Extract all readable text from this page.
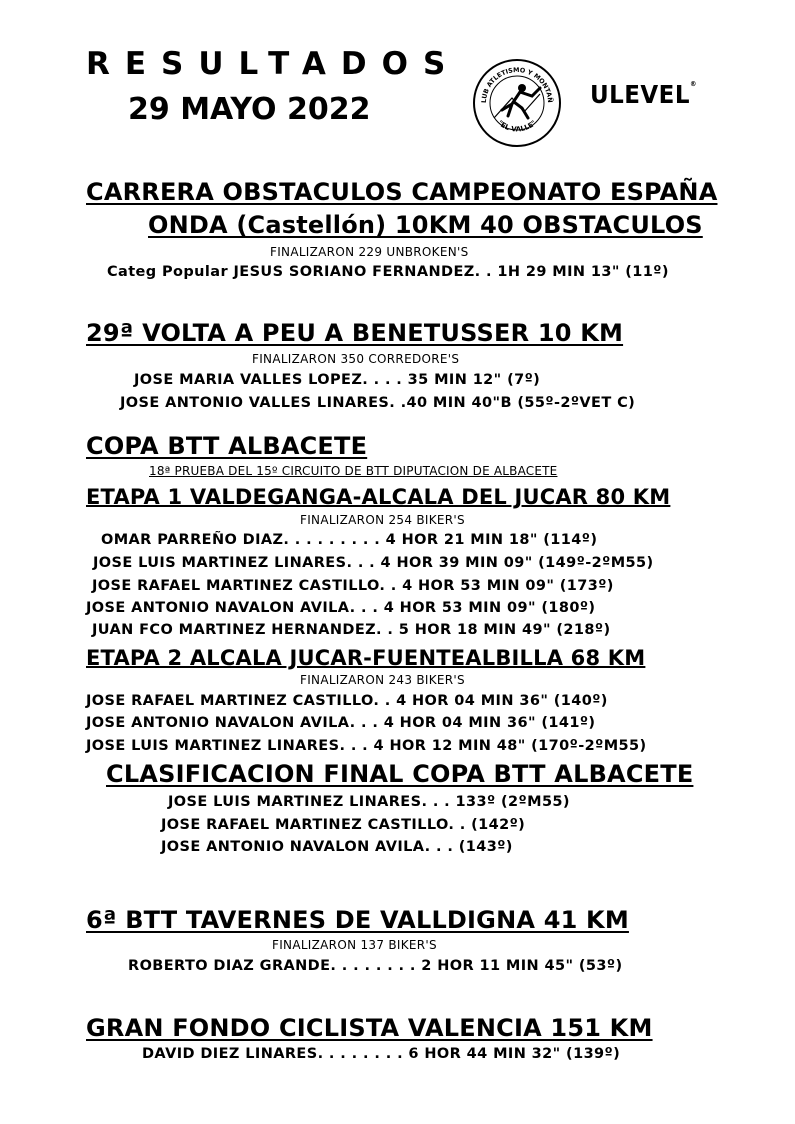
RESULTADOS
29 MAYO 2022	LUB ATLETISMO Y MONTAÑ
"EL VALLE"
ULEVEL®
CARRERA OBSTACULOS CAMPEONATO ESPAÑA
ONDA (Castellón) 10KM 40 OBSTACULOS
FINALIZARON 229 UNBROKEN'S
Categ Popular JESUS SORIANO FERNANDEZ. . 1H 29 MIN 13" (11º)
29ª VOLTA A PEU A BENETUSSER 10 KM
FINALIZARON 350 CORREDORE'S
JOSE MARIA VALLES LOPEZ. . . . 35 MIN 12" (7º)
JOSE ANTONIO VALLES LINARES. .40 MIN 40"B (55º-2ºVET C)
COPA BTT ALBACETE
18ª PRUEBA DEL 15º CIRCUITO DE BTT DIPUTACION DE ALBACETE
ETAPA 1 VALDEGANGA-ALCALA DEL JUCAR 80 KM
FINALIZARON 254 BIKER'S
OMAR PARREÑO DIAZ. . . . . . . . . 4 HOR 21 MIN 18" (114º)
JOSE LUIS MARTINEZ LINARES. . . 4 HOR 39 MIN 09" (149º-2ºM55)
JOSE RAFAEL MARTINEZ CASTILLO. . 4 HOR 53 MIN 09" (173º)
JOSE ANTONIO NAVALON AVILA. . . 4 HOR 53 MIN 09" (180º)
JUAN FCO MARTINEZ HERNANDEZ. . 5 HOR 18 MIN 49" (218º)
ETAPA 2 ALCALA JUCAR-FUENTEALBILLA 68 KM
FINALIZARON 243 BIKER'S
JOSE RAFAEL MARTINEZ CASTILLO. . 4 HOR 04 MIN 36" (140º)
JOSE ANTONIO NAVALON AVILA. . . 4 HOR 04 MIN 36" (141º)
JOSE LUIS MARTINEZ LINARES. . . 4 HOR 12 MIN 48" (170º-2ºM55)
CLASIFICACION FINAL COPA BTT ALBACETE
JOSE LUIS MARTINEZ LINARES. . . 133º (2ºM55)
JOSE RAFAEL MARTINEZ CASTILLO. . (142º)
JOSE ANTONIO NAVALON AVILA. . . (143º)
6ª BTT TAVERNES DE VALLDIGNA 41 KM
FINALIZARON 137 BIKER'S
ROBERTO DIAZ GRANDE. . . . . . . . 2 HOR 11 MIN 45" (53º)
GRAN FONDO CICLISTA VALENCIA 151 KM
DAVID DIEZ LINARES. . . . . . . . 6 HOR 44 MIN 32" (139º)
